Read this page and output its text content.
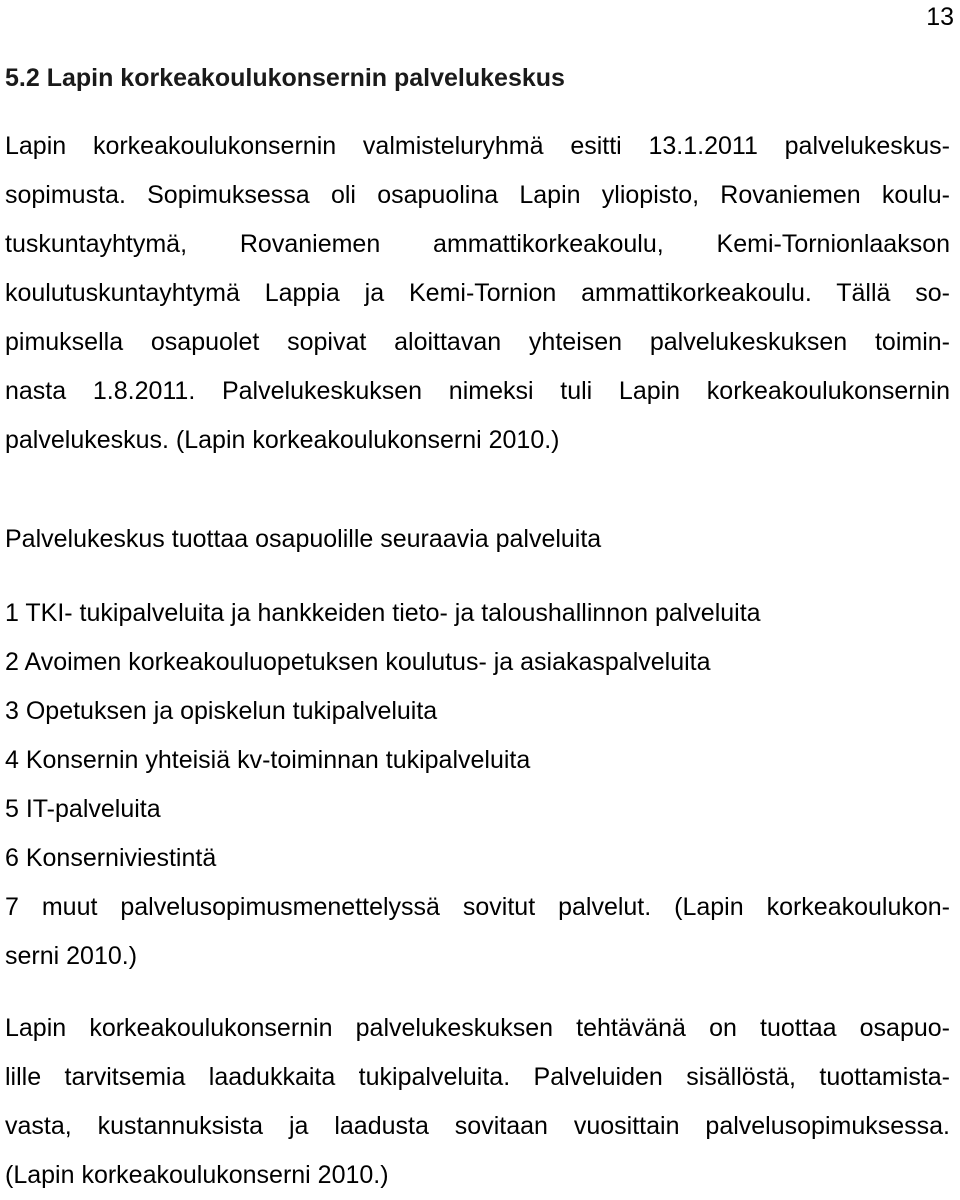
13
5.2 Lapin korkeakoulukonsernin palvelukeskus
Lapin korkeakoulukonsernin valmisteluryhmä esitti 13.1.2011 palvelukeskus-
sopimusta. Sopimuksessa oli osapuolina Lapin yliopisto, Rovaniemen koulu-
tuskuntayhtymä, Rovaniemen ammattikorkeakoulu, Kemi-Tornionlaakson
koulutuskuntayhtymä Lappia ja Kemi-Tornion ammattikorkeakoulu. Tällä so-
pimuksella osapuolet sopivat aloittavan yhteisen palvelukeskuksen toimin-
nasta 1.8.2011. Palvelukeskuksen nimeksi tuli Lapin korkeakoulukonsernin
palvelukeskus. (Lapin korkeakoulukonserni 2010.)
Palvelukeskus tuottaa osapuolille seuraavia palveluita
1 TKI- tukipalveluita ja hankkeiden tieto- ja taloushallinnon palveluita
2 Avoimen korkeakouluopetuksen koulutus- ja asiakaspalveluita
3 Opetuksen ja opiskelun tukipalveluita
4 Konsernin yhteisiä kv-toiminnan tukipalveluita
5 IT-palveluita
6 Konserniviestintä
7 muut palvelusopimusmenettelyssä sovitut palvelut. (Lapin korkeakoulukon-
serni 2010.)
Lapin korkeakoulukonsernin palvelukeskuksen tehtävänä on tuottaa osapuo-
lille tarvitsemia laadukkaita tukipalveluita. Palveluiden sisällöstä, tuottamista-
vasta, kustannuksista ja laadusta sovitaan vuosittain palvelusopimuksessa.
(Lapin korkeakoulukonserni 2010.)
